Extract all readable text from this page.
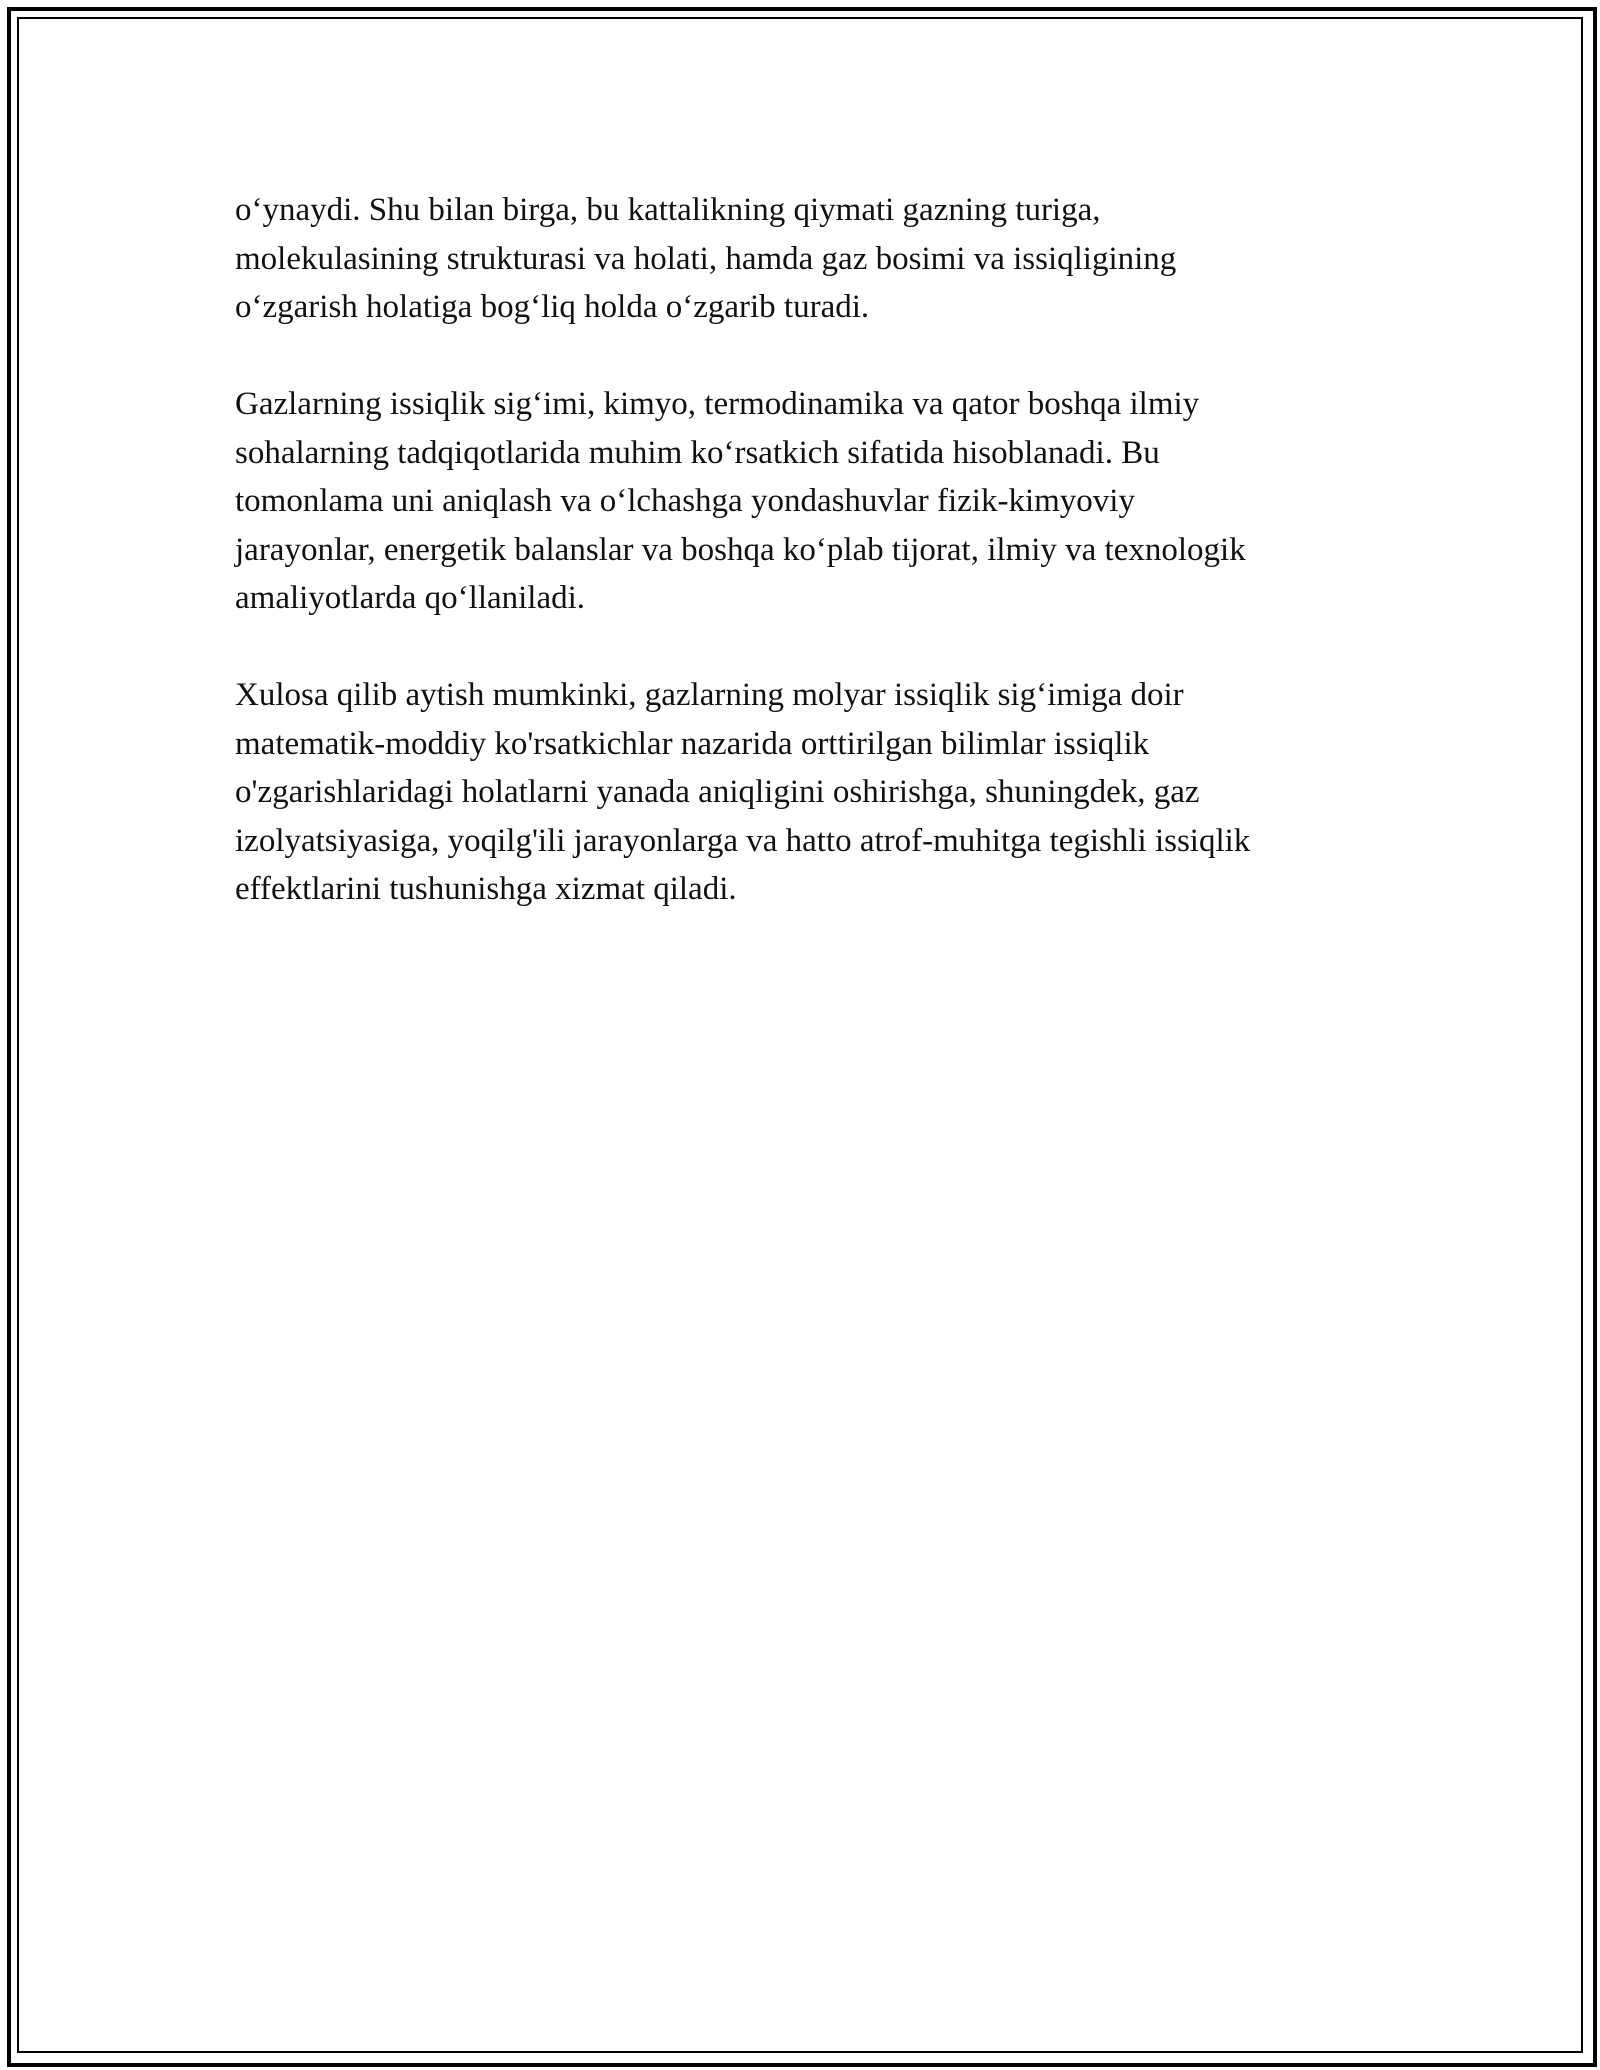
o‘ynaydi. Shu bilan birga, bu kattalikning qiymati gazning turiga,
molekulasining strukturasi va holati, hamda gaz bosimi va issiqligining
o‘zgarish holatiga bog‘liq holda o‘zgarib turadi.

Gazlarning issiqlik sig‘imi, kimyo, termodinamika va qator boshqa ilmiy
sohalarning tadqiqotlarida muhim ko‘rsatkich sifatida hisoblanadi. Bu
tomonlama uni aniqlash va o‘lchashga yondashuvlar fizik-kimyoviy
jarayonlar, energetik balanslar va boshqa ko‘plab tijorat, ilmiy va texnologik
amaliyotlarda qo‘llaniladi.

Xulosa qilib aytish mumkinki, gazlarning molyar issiqlik sig‘imiga doir
matematik-moddiy ko'rsatkichlar nazarida orttirilgan bilimlar issiqlik
o'zgarishlaridagi holatlarni yanada aniqligini oshirishga, shuningdek, gaz
izolyatsiyasiga, yoqilg'ili jarayonlarga va hatto atrof-muhitga tegishli issiqlik
effektlarini tushunishga xizmat qiladi.
